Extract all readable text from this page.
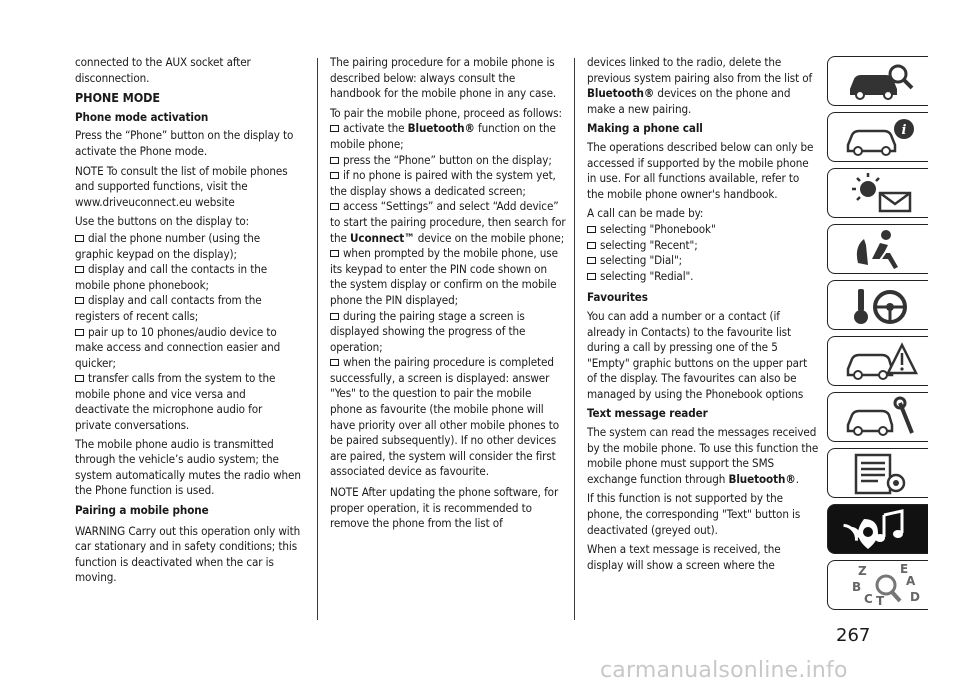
connected to the AUX socket after disconnection.

PHONE MODE
Phone mode activation

Press the “Phone” button on the display to activate the Phone mode.

NOTE To consult the list of mobile phones and supported functions, visit the www.driveuconnect.eu website

Use the buttons on the display to:

dial the phone number (using the graphic keypad on the display);
display and call the contacts in the mobile phone phonebook;
display and call contacts from the registers of recent calls;
pair up to 10 phones/audio device to make access and connection easier and quicker;
transfer calls from the system to the mobile phone and vice versa and deactivate the microphone audio for private conversations.

The mobile phone audio is transmitted through the vehicle’s audio system; the system automatically mutes the radio when the Phone function is used.

Pairing a mobile phone

WARNING Carry out this operation only with car stationary and in safety conditions; this function is deactivated when the car is moving.

The pairing procedure for a mobile phone is described below: always consult the handbook for the mobile phone in any case.

To pair the mobile phone, proceed as follows:

activate the Bluetooth® function on the mobile phone;
press the “Phone” button on the display;
if no phone is paired with the system yet, the display shows a dedicated screen;
access “Settings” and select “Add device” to start the pairing procedure, then search for the Uconnect™ device on the mobile phone;
when prompted by the mobile phone, use its keypad to enter the PIN code shown on the system display or confirm on the mobile phone the PIN displayed;
during the pairing stage a screen is displayed showing the progress of the operation;
when the pairing procedure is completed successfully, a screen is displayed: answer "Yes" to the question to pair the mobile phone as favourite (the mobile phone will have priority over all other mobile phones to be paired subsequently). If no other devices are paired, the system will consider the first associated device as favourite.

NOTE After updating the phone software, for proper operation, it is recommended to remove the phone from the list of

devices linked to the radio, delete the previous system pairing also from the list of Bluetooth® devices on the phone and make a new pairing.

Making a phone call

The operations described below can only be accessed if supported by the mobile phone in use. For all functions available, refer to the mobile phone owner's handbook.

A call can be made by:

selecting "Phonebook"
selecting "Recent";
selecting "Dial";
selecting "Redial".
Favourites

You can add a number or a contact (if already in Contacts) to the favourite list during a call by pressing one of the 5 "Empty" graphic buttons on the upper part of the display. The favourites can also be managed by using the Phonebook options

Text message reader

The system can read the messages received by the mobile phone. To use this function the mobile phone must support the SMS exchange function through Bluetooth®.

If this function is not supported by the phone, the corresponding "Text" button is deactivated (greyed out).

When a text message is received, the display will show a screen where the

i
Z	E
B	A
C T D
267
carmanualsonline.info
